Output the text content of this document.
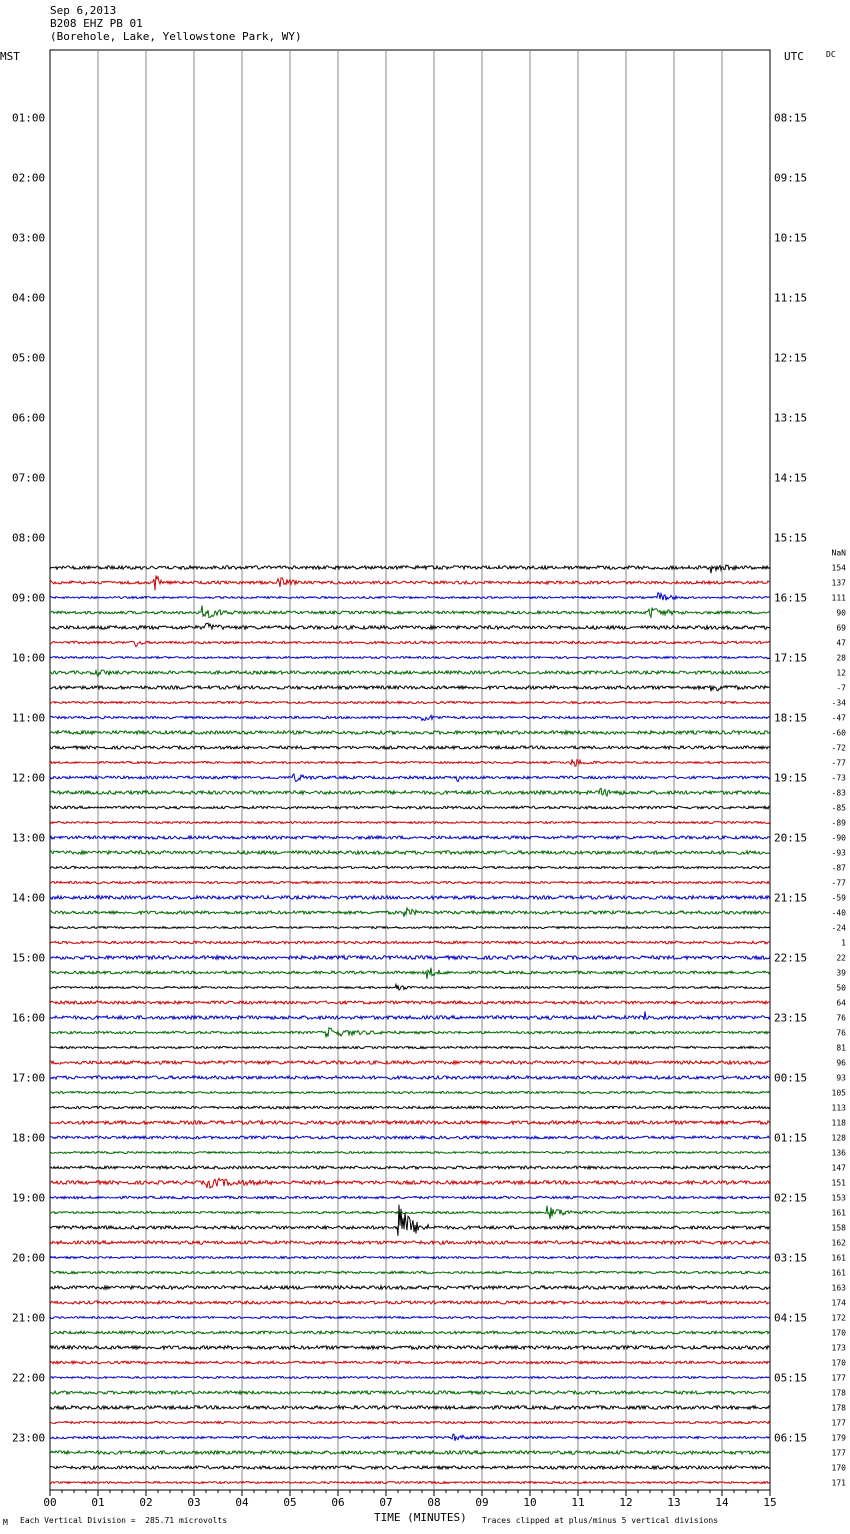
Sep 6,2013
B208 EHZ PB 01
(Borehole, Lake, Yellowstone Park, WY)
MST	UTC	DC
00	01	02	03	04	05	06	07	08	09	10	11	12	13	14	15
01:00
02:00
03:00
04:00
05:00
06:00
07:00
08:00
09:00
10:00
11:00
12:00
13:00
14:00
15:00
16:00
17:00
18:00
19:00
20:00
21:00
22:00
23:00
08:15
09:15
10:15
11:15
12:15
13:15
14:15
15:15
16:15
17:15
18:15
19:15
20:15
21:15
22:15
23:15
00:15
01:15
02:15
03:15
04:15
05:15
06:15
NaN
154
137
111
90
69
47
28
12
-7
-34
-47
-60
-72
-77
-73
-83
-85
-89
-90
-93
-87
-77
-59
-40
-24
1
22
39
50
64
76
76
81
96
93
105
113
118
128
136
147
151
153
161
158
162
161
161
163
174
172
170
173
170
177
178
178
177
179
177
170
171
M Each Vertical Division =  285.71 microvolts	TIME (MINUTES) Traces clipped at plus/minus 5 vertical divisions
